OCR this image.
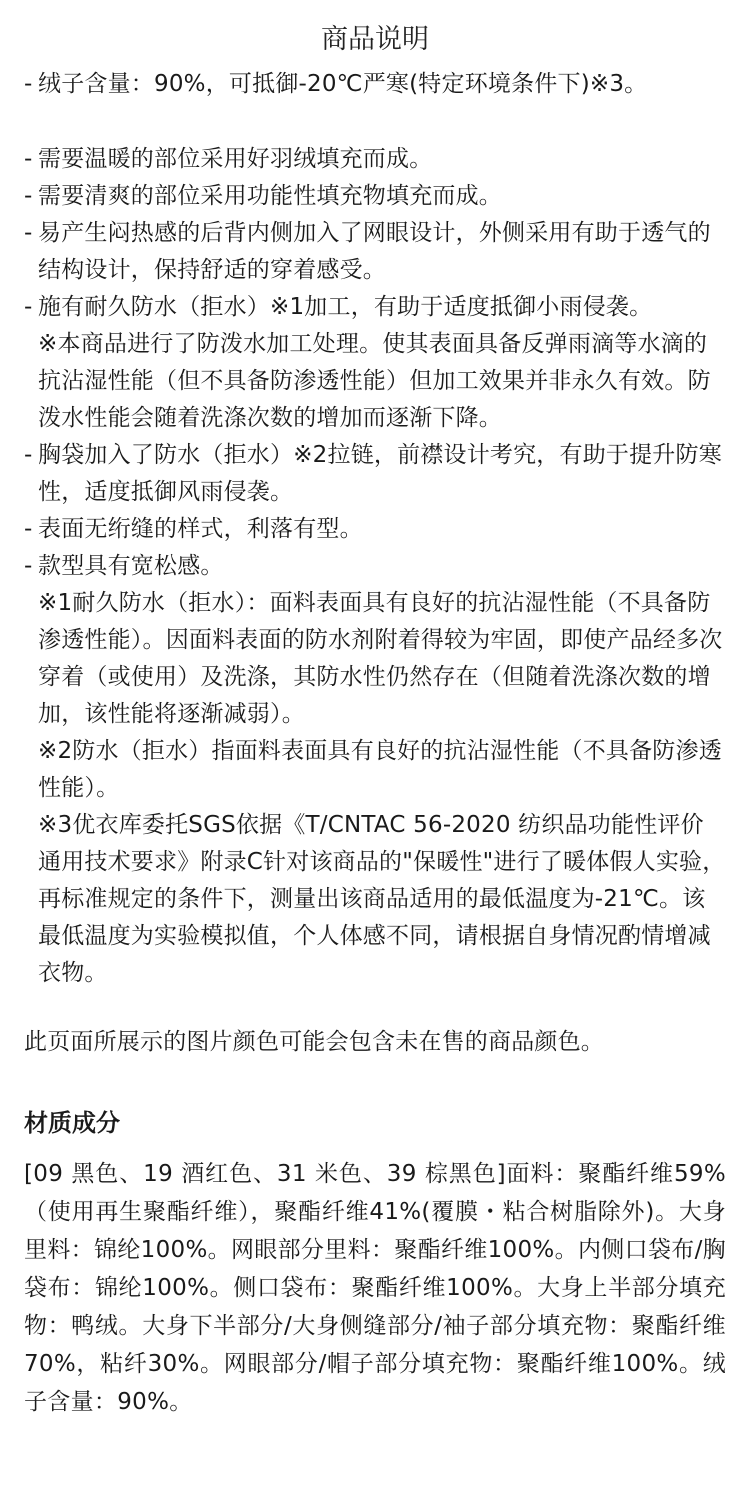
商品说明

- 绒子含量：90%，可抵御-20℃严寒(特定环境条件下)※3。

- 需要温暖的部位采用好羽绒填充而成。

- 需要清爽的部位采用功能性填充物填充而成。

- 易产生闷热感的后背内侧加入了网眼设计，外侧采用有助于透气的结构设计，保持舒适的穿着感受。

- 施有耐久防水（拒水）※1加工，有助于适度抵御小雨侵袭。

※本商品进行了防泼水加工处理。使其表面具备反弹雨滴等水滴的抗沾湿性能（但不具备防渗透性能）但加工效果并非永久有效。防泼水性能会随着洗涤次数的增加而逐渐下降。

- 胸袋加入了防水（拒水）※2拉链，前襟设计考究，有助于提升防寒性，适度抵御风雨侵袭。

- 表面无绗缝的样式，利落有型。

- 款型具有宽松感。

※1耐久防水（拒水）：面料表面具有良好的抗沾湿性能（不具备防渗透性能）。因面料表面的防水剂附着得较为牢固，即使产品经多次穿着（或使用）及洗涤，其防水性仍然存在（但随着洗涤次数的增加，该性能将逐渐减弱）。

※2防水（拒水）指面料表面具有良好的抗沾湿性能（不具备防渗透性能）。

※3优衣库委托SGS依据《T/CNTAC 56-2020 纺织品功能性评价通用技术要求》附录C针对该商品的"保暖性"进行了暖体假人实验，再标准规定的条件下，测量出该商品适用的最低温度为-21℃。该最低温度为实验模拟值，个人体感不同，请根据自身情况酌情增减衣物。

此页面所展示的图片颜色可能会包含未在售的商品颜色。

材质成分

[09 黑色、19 酒红色、31 米色、39 棕黑色]面料：聚酯纤维59%（使用再生聚酯纤维），聚酯纤维41%(覆膜・粘合树脂除外)。大身里料：锦纶100%。网眼部分里料：聚酯纤维100%。内侧口袋布/胸袋布：锦纶100%。侧口袋布：聚酯纤维100%。大身上半部分填充物：鸭绒。大身下半部分/大身侧缝部分/袖子部分填充物：聚酯纤维70%，粘纤30%。网眼部分/帽子部分填充物：聚酯纤维100%。绒子含量：90%。
